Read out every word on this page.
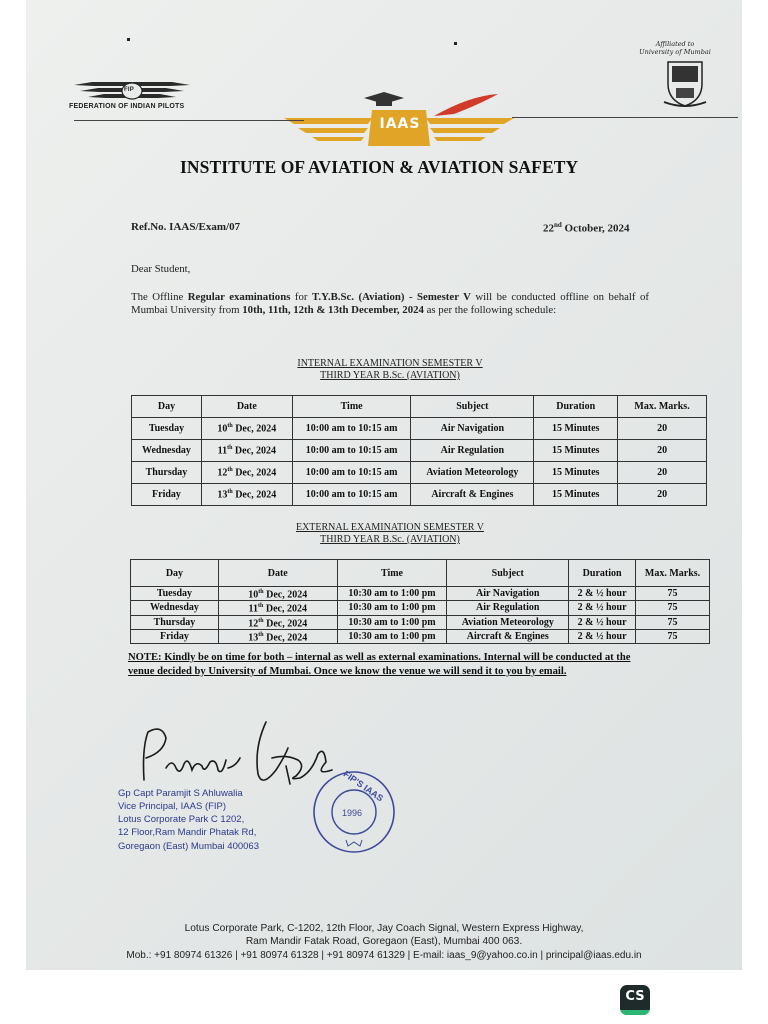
FIP
FEDERATION OF INDIAN PILOTS
Affiliated to
University of Mumbai
IAAS
INSTITUTE OF AVIATION & AVIATION SAFETY
Ref.No. IAAS/Exam/07	22nd October, 2024
Dear Student,
The Offline Regular examinations for T.Y.B.Sc. (Aviation) - Semester V will be conducted offline on behalf of Mumbai University from 10th, 11th, 12th & 13th December, 2024 as per the following schedule:
INTERNAL EXAMINATION SEMESTER V
THIRD YEAR B.Sc. (AVIATION)
Day	Date	Time	Subject	Duration	Max. Marks.
Tuesday	10th Dec, 2024	10:00 am to 10:15 am	Air Navigation	15 Minutes	20
Wednesday	11th Dec, 2024	10:00 am to 10:15 am	Air Regulation	15 Minutes	20
Thursday	12th Dec, 2024	10:00 am to 10:15 am	Aviation Meteorology	15 Minutes	20
Friday	13th Dec, 2024	10:00 am to 10:15 am	Aircraft & Engines	15 Minutes	20
EXTERNAL EXAMINATION SEMESTER V
THIRD YEAR B.Sc. (AVIATION)
Day	Date	Time	Subject	Duration	Max. Marks.
Tuesday	10th Dec, 2024	10:30 am to 1:00 pm	Air Navigation	2 & ½ hour	75
Wednesday	11th Dec, 2024	10:30 am to 1:00 pm	Air Regulation	2 & ½ hour	75
Thursday	12th Dec, 2024	10:30 am to 1:00 pm	Aviation Meteorology	2 & ½ hour	75
Friday	13th Dec, 2024	10:30 am to 1:00 pm	Aircraft & Engines	2 & ½ hour	75
NOTE: Kindly be on time for both – internal as well as external examinations. Internal will be conducted at the venue decided by University of Mumbai. Once we know the venue we will send it to you by email.
Gp Capt Paramjit S Ahluwalia
Vice Principal, IAAS (FIP)
Lotus Corporate Park C 1202,
12 Floor,Ram Mandir Phatak Rd,
Goregaon (East) Mumbai 400063
FIP'S IAAS
1996
Lotus Corporate Park, C-1202, 12th Floor, Jay Coach Signal, Western Express Highway,
Ram Mandir Fatak Road, Goregaon (East), Mumbai 400 063.
Mob.: +91 80974 61326 | +91 80974 61328 | +91 80974 61329 | E-mail: iaas_9@yahoo.co.in | principal@iaas.edu.in
CS
